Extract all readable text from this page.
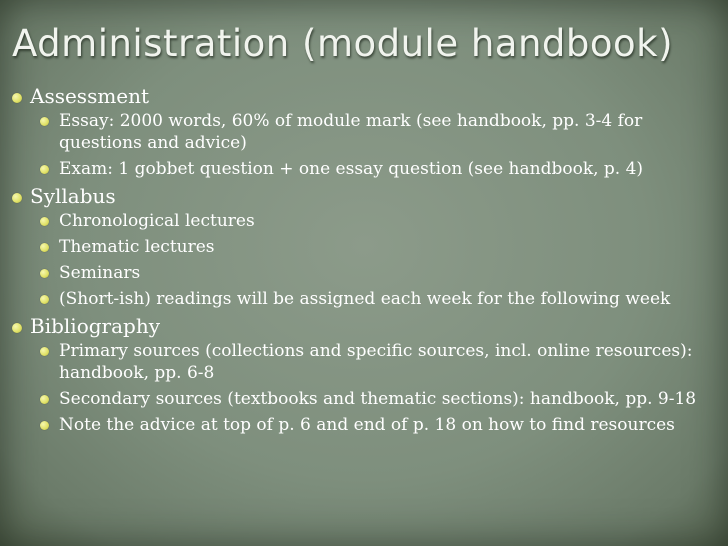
Administration (module handbook)
Assessment
Essay: 2000 words, 60% of module mark (see handbook, pp. 3-4 for questions and advice)
Exam: 1 gobbet question + one essay question (see handbook, p. 4)
Syllabus
Chronological lectures
Thematic lectures
Seminars
(Short-ish) readings will be assigned each week for the following week
Bibliography
Primary sources (collections and specific sources, incl. online resources): handbook, pp. 6-8
Secondary sources (textbooks and thematic sections): handbook, pp. 9-18
Note the advice at top of p. 6 and end of p. 18 on how to find resources
